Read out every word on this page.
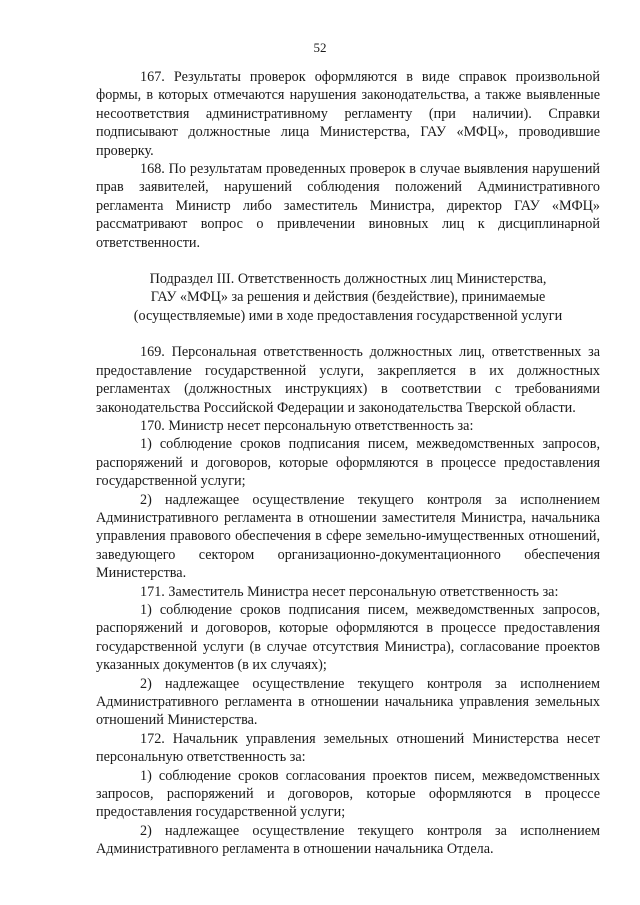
52

167. Результаты проверок оформляются в виде справок произвольной формы, в которых отмечаются нарушения законодательства, а также выявленные несоответствия административному регламенту (при наличии). Справки подписывают должностные лица Министерства, ГАУ «МФЦ», проводившие проверку.

168. По результатам проведенных проверок в случае выявления нарушений прав заявителей, нарушений соблюдения положений Административного регламента Министр либо заместитель Министра, директор ГАУ «МФЦ» рассматривают вопрос о привлечении виновных лиц к дисциплинарной ответственности.

Подраздел III. Ответственность должностных лиц Министерства,
ГАУ «МФЦ» за решения и действия (бездействие), принимаемые
(осуществляемые) ими в ходе предоставления государственной услуги

169. Персональная ответственность должностных лиц, ответственных за предоставление государственной услуги, закрепляется в их должностных регламентах (должностных инструкциях) в соответствии с требованиями законодательства Российской Федерации и законодательства Тверской области.

170. Министр несет персональную ответственность за:

1) соблюдение сроков подписания писем, межведомственных запросов, распоряжений и договоров, которые оформляются в процессе предоставления государственной услуги;

2) надлежащее осуществление текущего контроля за исполнением Административного регламента в отношении заместителя Министра, начальника управления правового обеспечения в сфере земельно-имущественных отношений, заведующего сектором организационно-документационного обеспечения Министерства.

171. Заместитель Министра несет персональную ответственность за:

1) соблюдение сроков подписания писем, межведомственных запросов, распоряжений и договоров, которые оформляются в процессе предоставления государственной услуги (в случае отсутствия Министра), согласование проектов указанных документов (в их случаях);

2) надлежащее осуществление текущего контроля за исполнением Административного регламента в отношении начальника управления земельных отношений Министерства.

172. Начальник управления земельных отношений Министерства несет персональную ответственность за:

1) соблюдение сроков согласования проектов писем, межведомственных запросов, распоряжений и договоров, которые оформляются в процессе предоставления государственной услуги;

2) надлежащее осуществление текущего контроля за исполнением Административного регламента в отношении начальника Отдела.
